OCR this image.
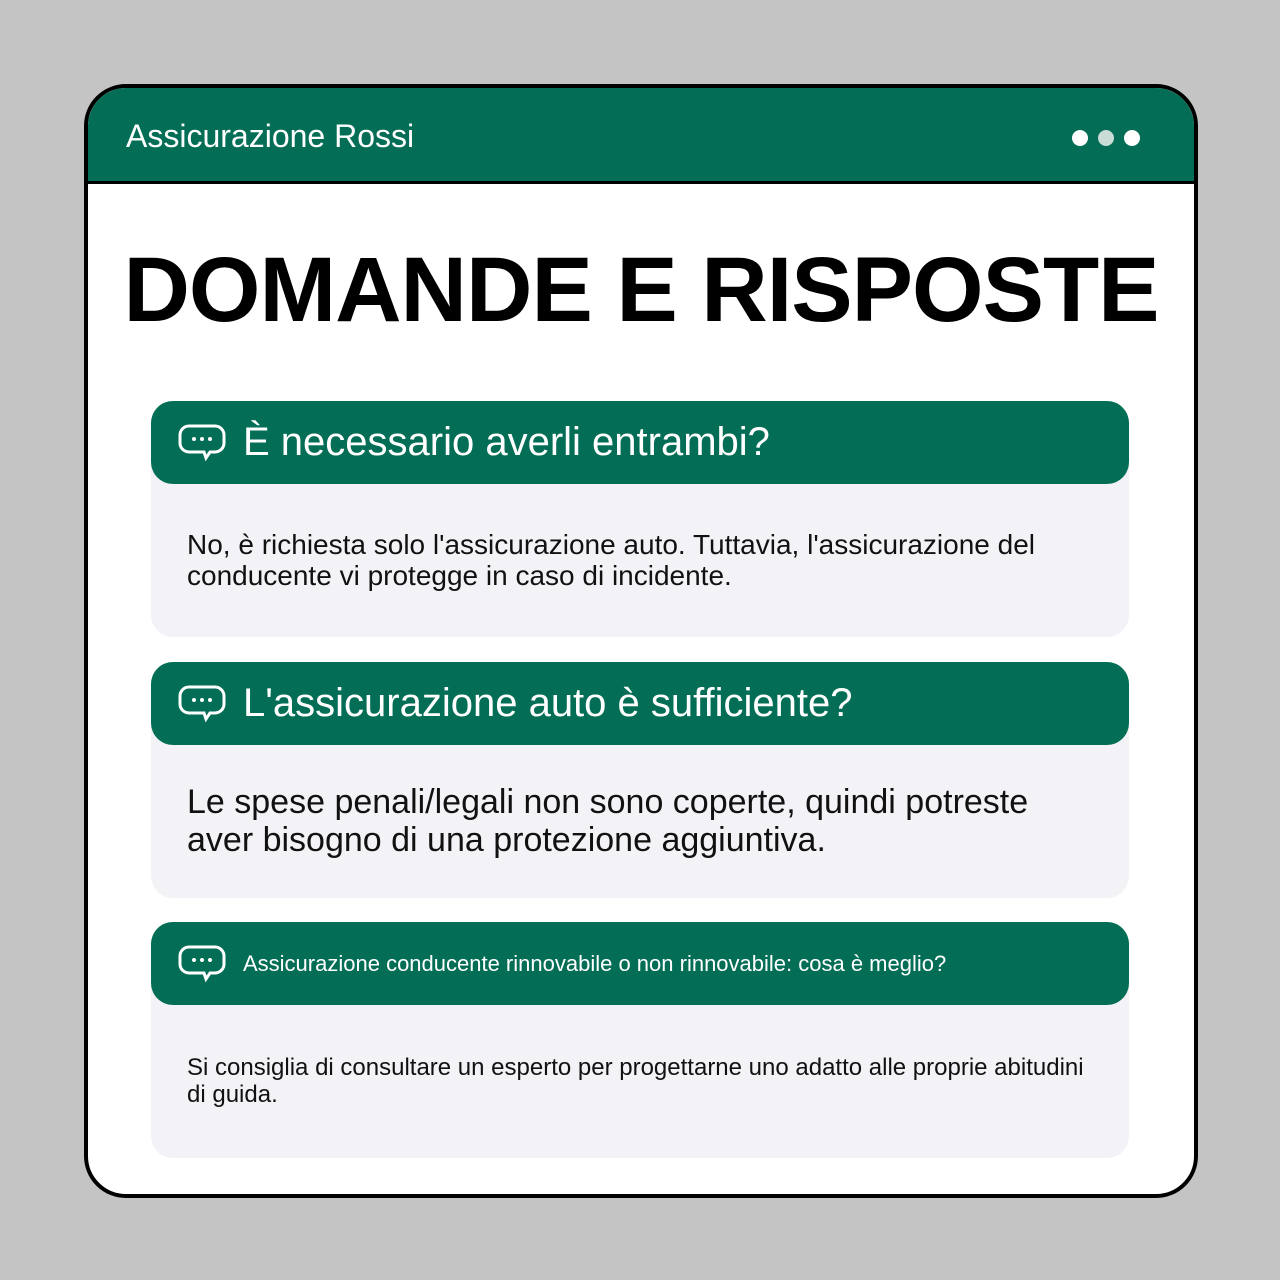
Assicurazione Rossi
DOMANDE E RISPOSTE
È necessario averli entrambi?
No, è richiesta solo l'assicurazione auto. Tuttavia, l'assicurazione del conducente vi protegge in caso di incidente.
L'assicurazione auto è sufficiente?
Le spese penali/legali non sono coperte, quindi potreste aver bisogno di una protezione aggiuntiva.
Assicurazione conducente rinnovabile o non rinnovabile: cosa è meglio?
Si consiglia di consultare un esperto per progettarne uno adatto alle proprie abitudini di guida.
